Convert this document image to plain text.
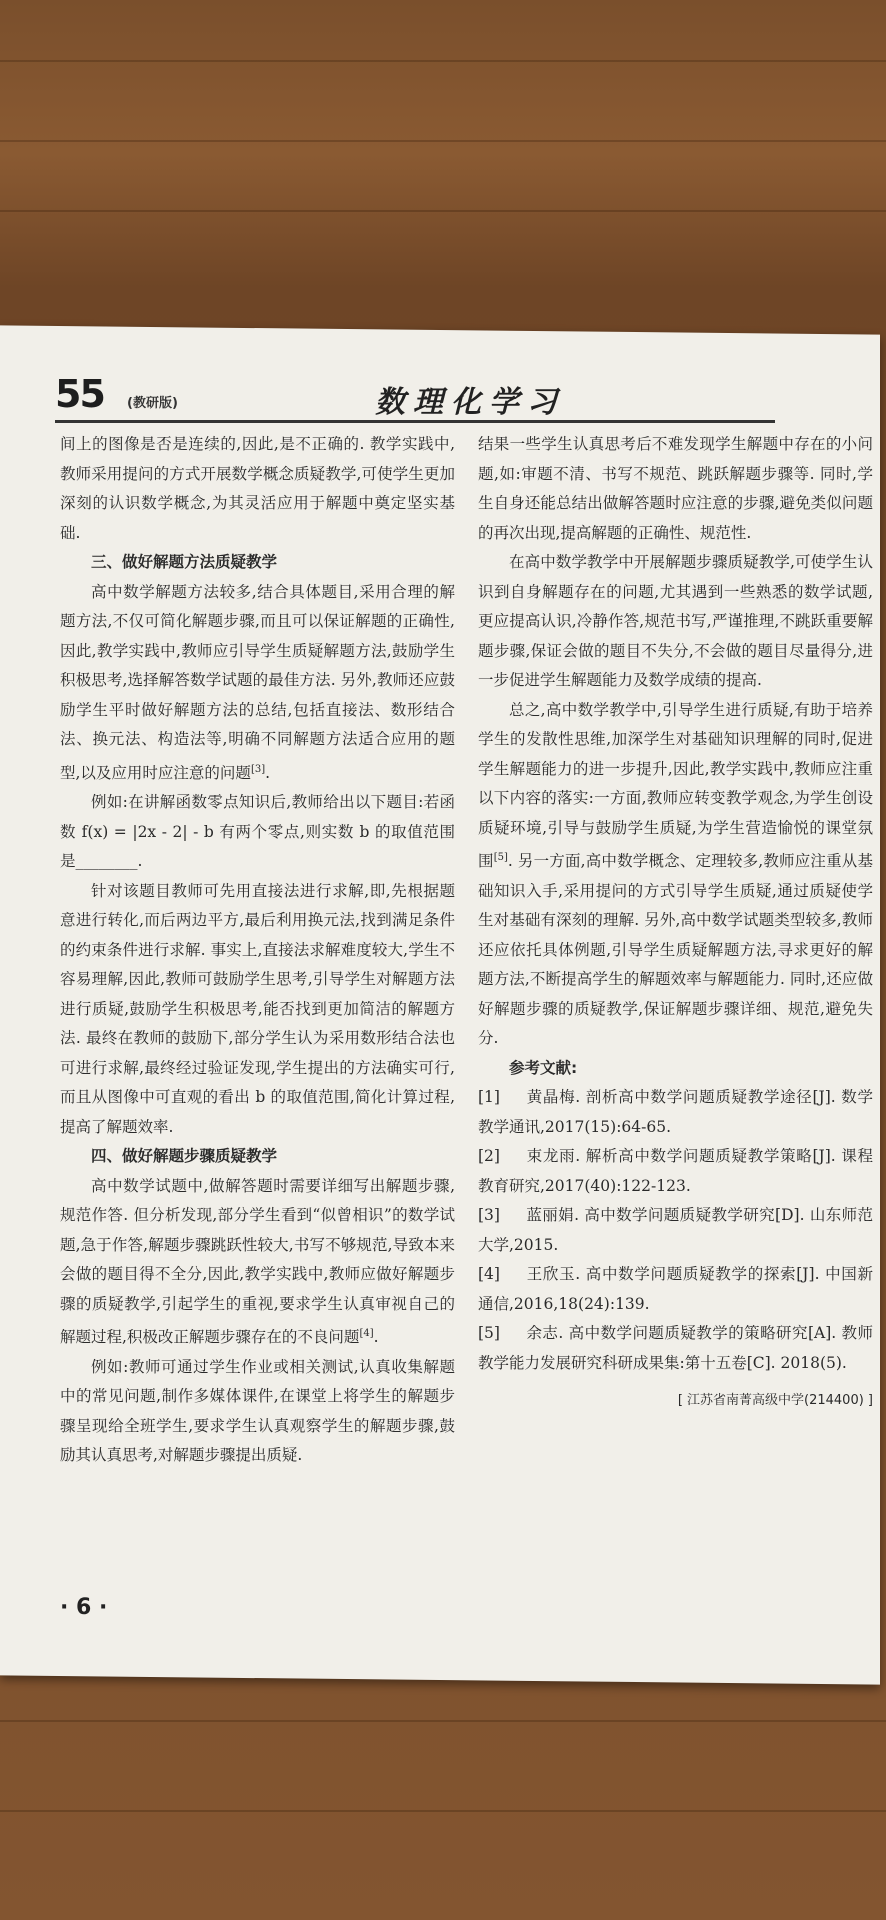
55 (教研版)	数理化学习

间上的图像是否是连续的,因此,是不正确的. 教学实践中,教师采用提问的方式开展数学概念质疑教学,可使学生更加深刻的认识数学概念,为其灵活应用于解题中奠定坚实基础.

三、做好解题方法质疑教学

高中数学解题方法较多,结合具体题目,采用合理的解题方法,不仅可简化解题步骤,而且可以保证解题的正确性,因此,教学实践中,教师应引导学生质疑解题方法,鼓励学生积极思考,选择解答数学试题的最佳方法. 另外,教师还应鼓励学生平时做好解题方法的总结,包括直接法、数形结合法、换元法、构造法等,明确不同解题方法适合应用的题型,以及应用时应注意的问题[3].

例如:在讲解函数零点知识后,教师给出以下题目:若函数 f(x) = |2x - 2| - b 有两个零点,则实数 b 的取值范围是________.

针对该题目教师可先用直接法进行求解,即,先根据题意进行转化,而后两边平方,最后利用换元法,找到满足条件的约束条件进行求解. 事实上,直接法求解难度较大,学生不容易理解,因此,教师可鼓励学生思考,引导学生对解题方法进行质疑,鼓励学生积极思考,能否找到更加简洁的解题方法. 最终在教师的鼓励下,部分学生认为采用数形结合法也可进行求解,最终经过验证发现,学生提出的方法确实可行,而且从图像中可直观的看出 b 的取值范围,简化计算过程,提高了解题效率.

四、做好解题步骤质疑教学

高中数学试题中,做解答题时需要详细写出解题步骤,规范作答. 但分析发现,部分学生看到“似曾相识”的数学试题,急于作答,解题步骤跳跃性较大,书写不够规范,导致本来会做的题目得不全分,因此,教学实践中,教师应做好解题步骤的质疑教学,引起学生的重视,要求学生认真审视自己的解题过程,积极改正解题步骤存在的不良问题[4].

例如:教师可通过学生作业或相关测试,认真收集解题中的常见问题,制作多媒体课件,在课堂上将学生的解题步骤呈现给全班学生,要求学生认真观察学生的解题步骤,鼓励其认真思考,对解题步骤提出质疑.

结果一些学生认真思考后不难发现学生解题中存在的小问题,如:审题不清、书写不规范、跳跃解题步骤等. 同时,学生自身还能总结出做解答题时应注意的步骤,避免类似问题的再次出现,提高解题的正确性、规范性.

在高中数学教学中开展解题步骤质疑教学,可使学生认识到自身解题存在的问题,尤其遇到一些熟悉的数学试题,更应提高认识,冷静作答,规范书写,严谨推理,不跳跃重要解题步骤,保证会做的题目不失分,不会做的题目尽量得分,进一步促进学生解题能力及数学成绩的提高.

总之,高中数学教学中,引导学生进行质疑,有助于培养学生的发散性思维,加深学生对基础知识理解的同时,促进学生解题能力的进一步提升,因此,教学实践中,教师应注重以下内容的落实:一方面,教师应转变教学观念,为学生创设质疑环境,引导与鼓励学生质疑,为学生营造愉悦的课堂氛围[5]. 另一方面,高中数学概念、定理较多,教师应注重从基础知识入手,采用提问的方式引导学生质疑,通过质疑使学生对基础有深刻的理解. 另外,高中数学试题类型较多,教师还应依托具体例题,引导学生质疑解题方法,寻求更好的解题方法,不断提高学生的解题效率与解题能力. 同时,还应做好解题步骤的质疑教学,保证解题步骤详细、规范,避免失分.

参考文献:

[1] 黄晶梅. 剖析高中数学问题质疑教学途径[J]. 数学教学通讯,2017(15):64-65.

[2] 束龙雨. 解析高中数学问题质疑教学策略[J]. 课程教育研究,2017(40):122-123.

[3] 蓝丽娟. 高中数学问题质疑教学研究[D]. 山东师范大学,2015.

[4] 王欣玉. 高中数学问题质疑教学的探索[J]. 中国新通信,2016,18(24):139.

[5] 余志. 高中数学问题质疑教学的策略研究[A]. 教师教学能力发展研究科研成果集:第十五卷[C]. 2018(5).

[ 江苏省南菁高级中学(214400) ]
· 6 ·
